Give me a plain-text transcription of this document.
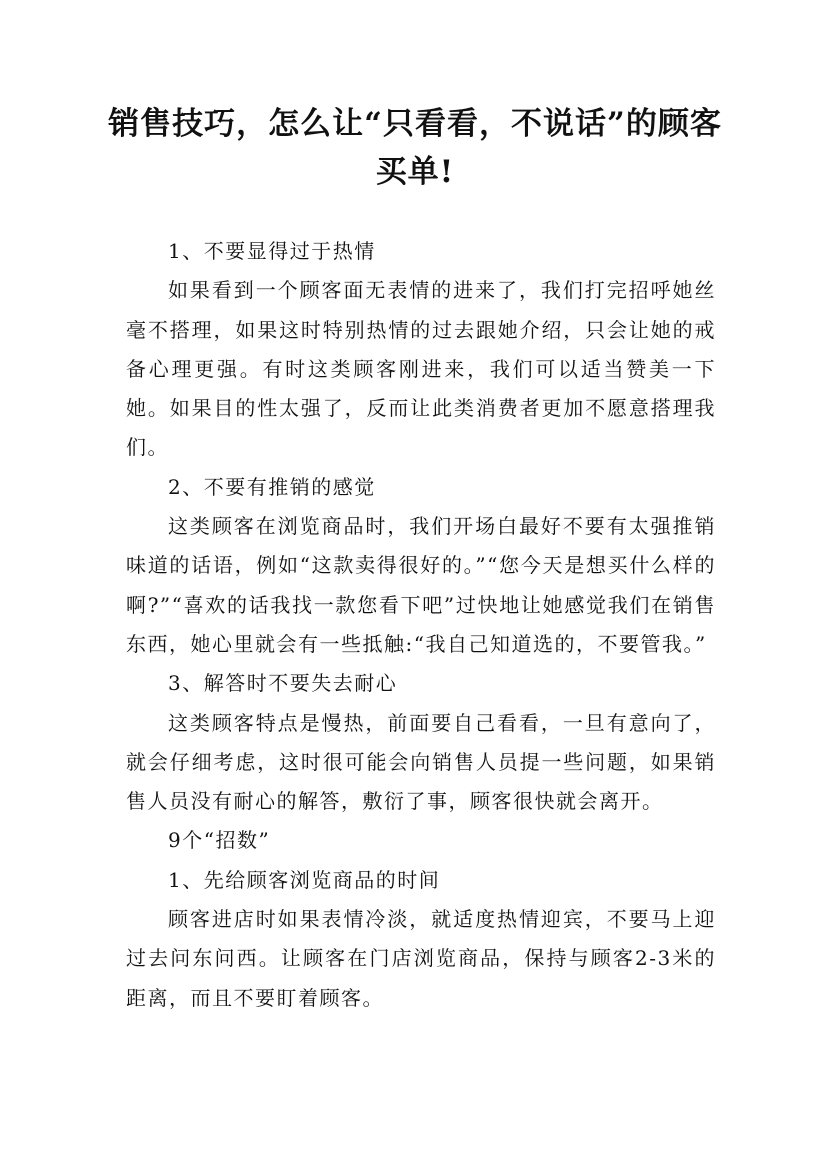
销售技巧，怎么让“只看看，不说话”的顾客买单!

1、不要显得过于热情

如果看到一个顾客面无表情的进来了，我们打完招呼她丝毫不搭理，如果这时特别热情的过去跟她介绍，只会让她的戒备心理更强。有时这类顾客刚进来，我们可以适当赞美一下她。如果目的性太强了，反而让此类消费者更加不愿意搭理我们。

2、不要有推销的感觉

这类顾客在浏览商品时，我们开场白最好不要有太强推销味道的话语，例如“这款卖得很好的。”“您今天是想买什么样的啊?”“喜欢的话我找一款您看下吧”过快地让她感觉我们在销售东西，她心里就会有一些抵触:“我自己知道选的，不要管我。”

3、解答时不要失去耐心

这类顾客特点是慢热，前面要自己看看，一旦有意向了，就会仔细考虑，这时很可能会向销售人员提一些问题，如果销售人员没有耐心的解答，敷衍了事，顾客很快就会离开。

9个“招数”

1、先给顾客浏览商品的时间

顾客进店时如果表情冷淡，就适度热情迎宾，不要马上迎过去问东问西。让顾客在门店浏览商品，保持与顾客2-3米的距离，而且不要盯着顾客。
